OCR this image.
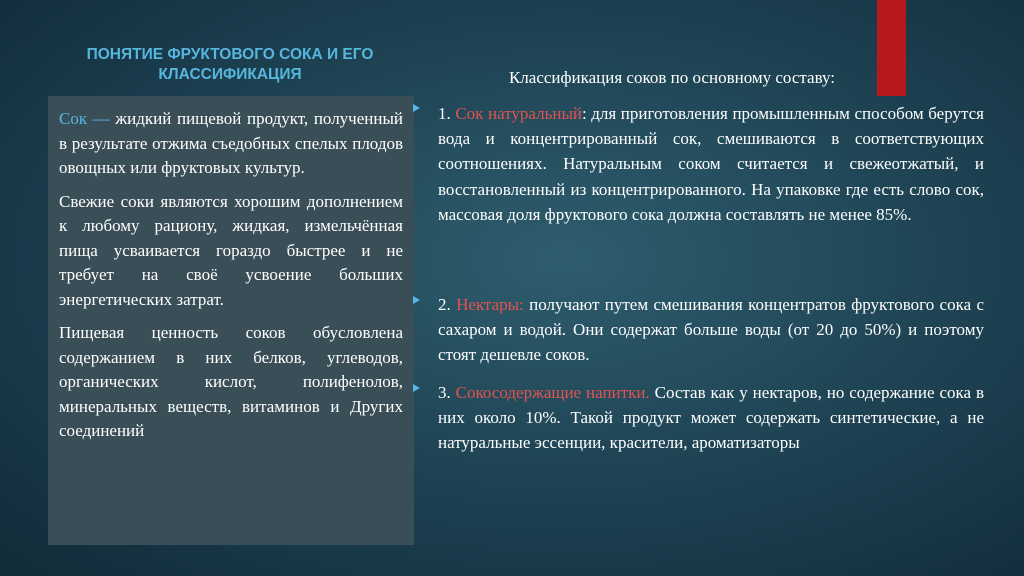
ПОНЯТИЕ ФРУКТОВОГО СОКА И ЕГО КЛАССИФИКАЦИЯ

Сок — жидкий пищевой продукт, полученный в результате отжима съедобных спелых плодов овощных или фруктовых культур.

Свежие соки являются хорошим дополнением к любому рациону, жидкая, измельчённая пища усваивается гораздо быстрее и не требует на своё усвоение больших энергетических затрат.

Пищевая ценность соков обусловлена содержанием в них белков, углеводов, органических кислот, полифенолов, минеральных веществ, витаминов и Других соединений

Классификация соков по основному составу:
1. Сок натуральный: для приготовления промышленным способом берутся вода и концентрированный сок, смешиваются в соответствующих соотношениях. Натуральным соком считается и свежеотжатый, и восстановленный из концентрированного. На упаковке где есть слово сок, массовая доля фруктового сока должна составлять не менее 85%.
2. Нектары: получают путем смешивания концентратов фруктового сока с сахаром и водой. Они содержат больше воды (от 20 до 50%) и поэтому стоят дешевле соков.
3. Сокосодержащие напитки. Состав как у нектаров, но содержание сока в них около 10%. Такой продукт может содержать синтетические, а не натуральные эссенции, красители, ароматизаторы
